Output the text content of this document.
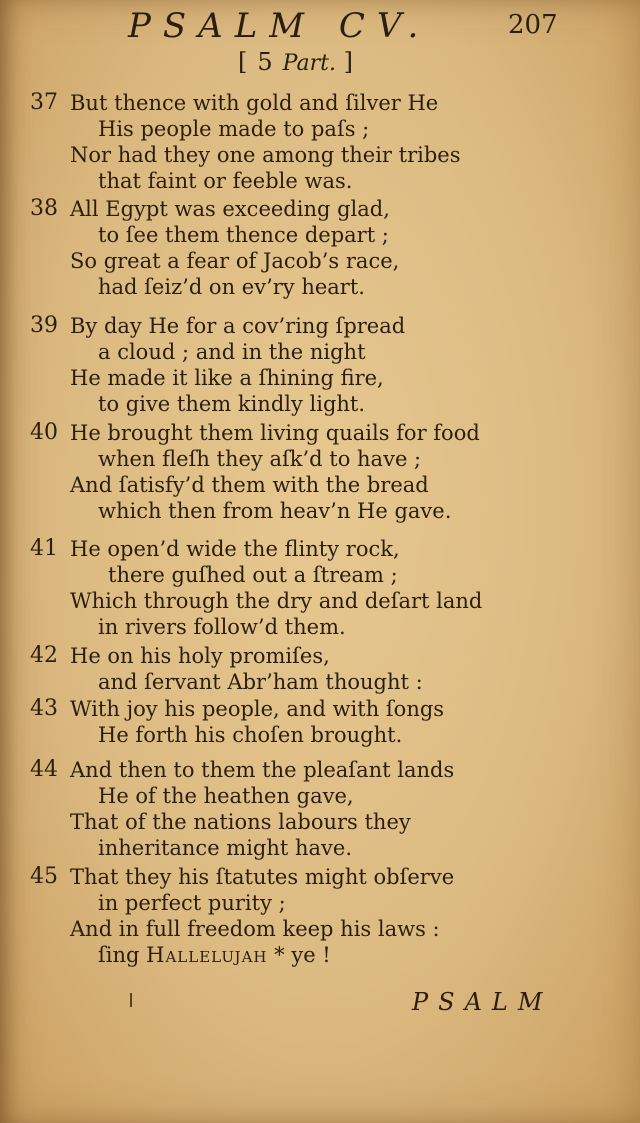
PSALM CV.	207
[ 5 Part. ]
37 But thence with gold and ſilver He
His people made to paſs ;
Nor had they one among their tribes
that faint or feeble was.
38 All Egypt was exceeding glad,
to ſee them thence depart ;
So great a fear of Jacob’s race,
had ſeiz’d on ev’ry heart.
39 By day He for a cov’ring ſpread
a cloud ; and in the night
He made it like a ſhining fire,
to give them kindly light.
40 He brought them living quails for food
when fleſh they aſk’d to have ;
And ſatisfy’d them with the bread
which then from heav’n He gave.
41 He open’d wide the flinty rock,
there guſhed out a ſtream ;
Which through the dry and deſart land
in rivers follow’d them.
42 He on his holy promiſes,
and ſervant Abr’ham thought :
43 With joy his people, and with ſongs
He forth his choſen brought.
44 And then to them the pleaſant lands
He of the heathen gave,
That of the nations labours they
inheritance might have.
45 That they his ſtatutes might obſerve
in perfect purity ;
And in full freedom keep his laws :
ſing Hallelujah * ye !
PSALM
